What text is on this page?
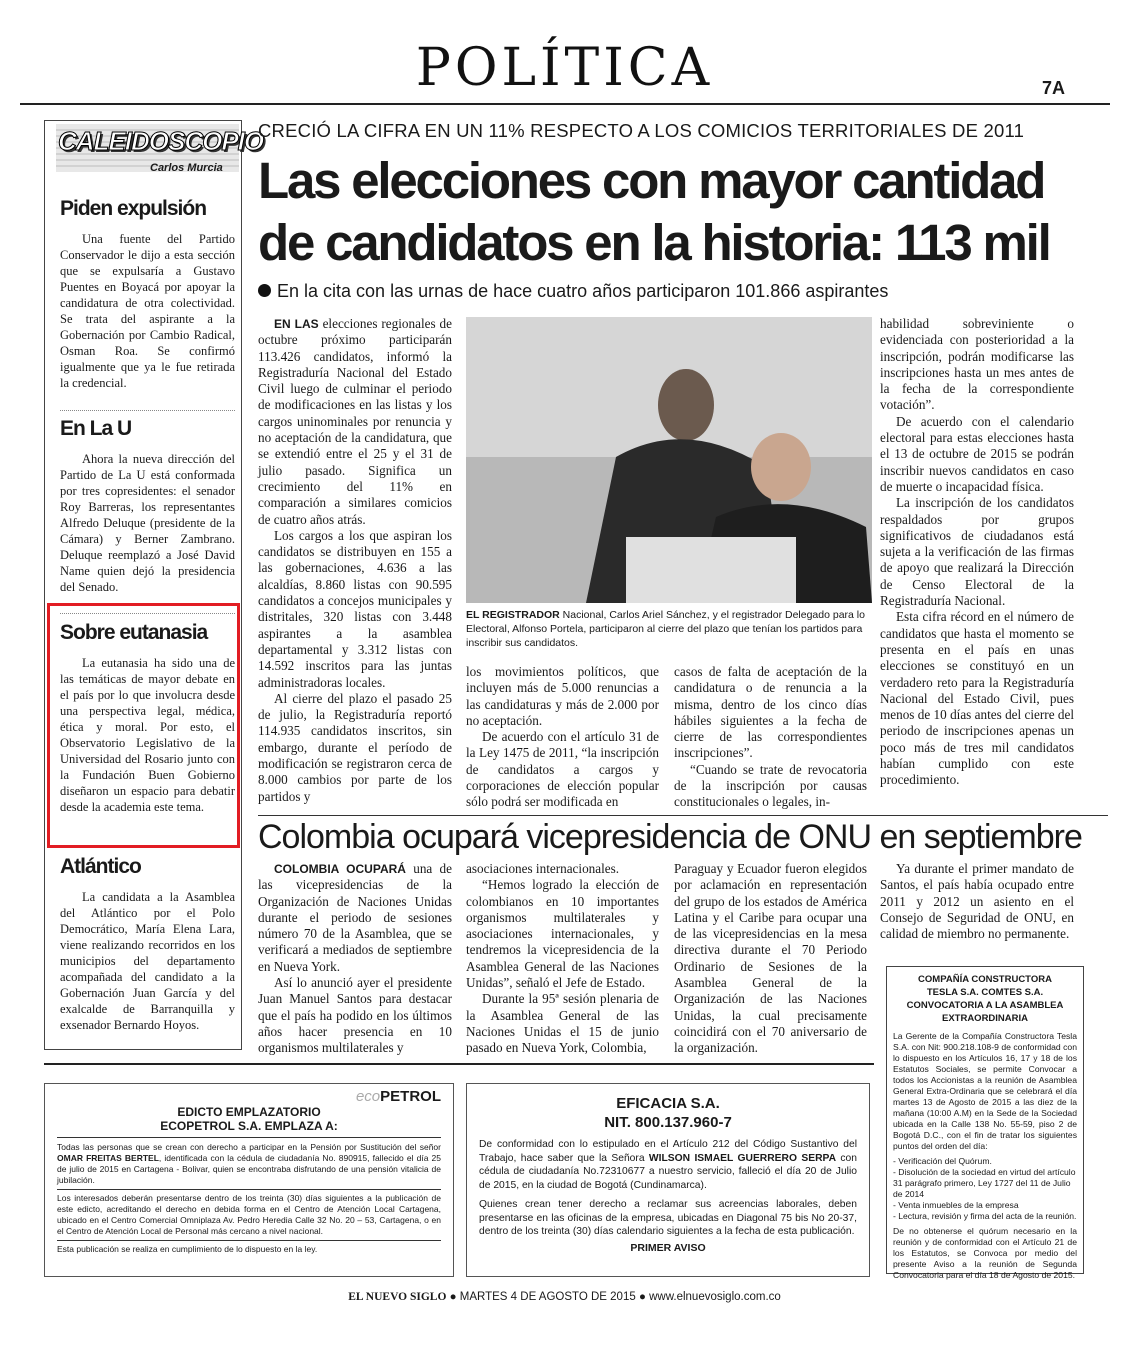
POLÍTICA	7A
CALEIDOSCOPIO
Carlos Murcia
Piden expulsión

Una fuente del Partido Conservador le dijo a esta sección que se expulsaría a Gustavo Puentes en Boyacá por apoyar la candidatura de otra colectividad. Se trata del aspirante a la Gobernación por Cambio Radical, Osman Roa. Se confirmó igualmente que ya le fue retirada la credencial.

En La U

Ahora la nueva dirección del Partido de La U está conformada por tres copresidentes: el senador Roy Barreras, los representantes Alfredo Deluque (presidente de la Cámara) y Berner Zambrano. Deluque reemplazó a José David Name quien dejó la presidencia del Senado.

Sobre eutanasia

La eutanasia ha sido una de las temáticas de mayor debate en el país por lo que involucra desde una perspectiva legal, médica, ética y moral. Por esto, el Observatorio Legislativo de la Universidad del Rosario junto con la Fundación Buen Gobierno diseñaron un espacio para debatir desde la academia este tema.

Atlántico

La candidata a la Asamblea del Atlántico por el Polo Democrático, María Elena Lara, viene realizando recorridos en los municipios del departamento acompañada del candidato a la Gobernación Juan García y del exalcalde de Barranquilla y exsenador Bernardo Hoyos.

CRECIÓ LA CIFRA EN UN 11% RESPECTO A LOS COMICIOS TERRITORIALES DE 2011
Las elecciones con mayor cantidad
de candidatos en la historia: 113 mil
En la cita con las urnas de hace cuatro años participaron 101.866 aspirantes

EN LAS elecciones regionales de octubre próximo participarán 113.426 candidatos, informó la Registraduría Nacional del Estado Civil luego de culminar el periodo de modificaciones en las listas y los cargos uninominales por renuncia y no aceptación de la candidatura, que se extendió entre el 25 y el 31 de julio pasado. Significa un crecimiento del 11% en comparación a similares comicios de cuatro años atrás.

Los cargos a los que aspiran los candidatos se distribuyen en 155 a las gobernaciones, 4.636 a las alcaldías, 8.860 listas con 90.595 candidatos a concejos municipales y distritales, 320 listas con 3.448 aspirantes a la asamblea departamental y 3.312 listas con 14.592 inscritos para las juntas administradoras locales.

Al cierre del plazo el pasado 25 de julio, la Registraduría reportó 114.935 candidatos inscritos, sin embargo, durante el período de modificación se registraron cerca de 8.000 cambios por parte de los partidos y

EL REGISTRADOR Nacional, Carlos Ariel Sánchez, y el registrador Delegado para lo Electoral, Alfonso Portela, participaron al cierre del plazo que tenían los partidos para inscribir sus candidatos.

los movimientos políticos, que incluyen más de 5.000 renuncias a las candidaturas y más de 2.000 por no aceptación.

De acuerdo con el artículo 31 de la Ley 1475 de 2011, “la inscripción de candidatos a cargos y corporaciones de elección popular sólo podrá ser modificada en

casos de falta de aceptación de la candidatura o de renuncia a la misma, dentro de los cinco días hábiles siguientes a la fecha de cierre de las correspondientes inscripciones”.

“Cuando se trate de revocatoria de la inscripción por causas constitucionales o legales, in-

habilidad sobreviniente o evidenciada con posterioridad a la inscripción, podrán modificarse las inscripciones hasta un mes antes de la fecha de la correspondiente votación”.

De acuerdo con el calendario electoral para estas elecciones hasta el 13 de octubre de 2015 se podrán inscribir nuevos candidatos en caso de muerte o incapacidad física.

La inscripción de los candidatos respaldados por grupos significativos de ciudadanos está sujeta a la verificación de las firmas de apoyo que realizará la Dirección de Censo Electoral de la Registraduría Nacional.

Esta cifra récord en el número de candidatos que hasta el momento se presenta en el país en unas elecciones se constituyó en un verdadero reto para la Registraduría Nacional del Estado Civil, pues menos de 10 días antes del cierre del periodo de inscripciones apenas un poco más de tres mil candidatos habían cumplido con este procedimiento.

Colombia ocupará vicepresidencia de ONU en septiembre

COLOMBIA OCUPARÁ una de las vicepresidencias de la Organización de Naciones Unidas durante el periodo de sesiones número 70 de la Asamblea, que se verificará a mediados de septiembre en Nueva York.

Así lo anunció ayer el presidente Juan Manuel Santos para destacar que el país ha podido en los últimos años hacer presencia en 10 organismos multilaterales y

asociaciones internacionales.

“Hemos logrado la elección de colombianos en 10 importantes organismos multilaterales y asociaciones internacionales, y tendremos la vicepresidencia de la Asamblea General de las Naciones Unidas”, señaló el Jefe de Estado.

Durante la 95ª sesión plenaria de la Asamblea General de las Naciones Unidas el 15 de junio pasado en Nueva York, Colombia,

Paraguay y Ecuador fueron elegidos por aclamación en representación del grupo de los estados de América Latina y el Caribe para ocupar una de las vicepresidencias en la mesa directiva durante el 70 Periodo Ordinario de Sesiones de la Asamblea General de la Organización de las Naciones Unidas, la cual precisamente coincidirá con el 70 aniversario de la organización.

Ya durante el primer mandato de Santos, el país había ocupado entre 2011 y 2012 un asiento en el Consejo de Seguridad de ONU, en calidad de miembro no permanente.

COMPAÑÍA CONSTRUCTORA
TESLA S.A. COMTES S.A.
CONVOCATORIA A LA ASAMBLEA
EXTRAORDINARIA

La Gerente de la Compañía Constructora Tesla S.A. con Nit: 900.218.108-9 de conformidad con lo dispuesto en los Artículos 16, 17 y 18 de los Estatutos Sociales, se permite Convocar a todos los Accionistas a la reunión de Asamblea General Extra-Ordinaria que se celebrará el día martes 13 de Agosto de 2015 a las diez de la mañana (10:00 A.M) en la Sede de la Sociedad ubicada en la Calle 138 No. 55-59, piso 2 de Bogotá D.C., con el fin de tratar los siguientes puntos del orden del día:

- Verificación del Quórum.

- Disolución de la sociedad en virtud del artículo 31 parágrafo primero, Ley 1727 del 11 de Julio de 2014

- Venta inmuebles de la empresa

- Lectura, revisión y firma del acta de la reunión.

De no obtenerse el quórum necesario en la reunión y de conformidad con el Artículo 21 de los Estatutos, se Convoca por medio del presente Aviso a la reunión de Segunda Convocatoria para el día 18 de Agosto de 2015.

ecoPETROL
EDICTO EMPLAZATORIO
ECOPETROL S.A. EMPLAZA A:

Todas las personas que se crean con derecho a participar en la Pensión por Sustitución del señor OMAR FREITAS BERTEL, identificada con la cédula de ciudadanía No. 890915, fallecido el día 25 de julio de 2015 en Cartagena - Bolivar, quien se encontraba disfrutando de una pensión vitalicia de jubilación.

Los interesados deberán presentarse dentro de los treinta (30) días siguientes a la publicación de este edicto, acreditando el derecho en debida forma en el Centro de Atención Local Cartagena, ubicado en el Centro Comercial Omniplaza Av. Pedro Heredia Calle 32 No. 20 – 53, Cartagena, o en el Centro de Atención Local de Personal más cercano a nivel nacional.

Esta publicación se realiza en cumplimiento de lo dispuesto en la ley.

EFICACIA S.A.
NIT. 800.137.960-7

De conformidad con lo estipulado en el Artículo 212 del Código Sustantivo del Trabajo, hace saber que la Señora WILSON ISMAEL GUERRERO SERPA con cédula de ciudadanía No.72310677 a nuestro servicio, falleció el día 20 de Julio de 2015, en la ciudad de Bogotá (Cundinamarca).

Quienes crean tener derecho a reclamar sus acreencias laborales, deben presentarse en las oficinas de la empresa, ubicadas en Diagonal 75 bis No 20-37, dentro de los treinta (30) días calendario siguientes a la fecha de esta publicación.

PRIMER AVISO
EL NUEVO SIGLO ● MARTES 4 DE AGOSTO DE 2015 ● www.elnuevosiglo.com.co
